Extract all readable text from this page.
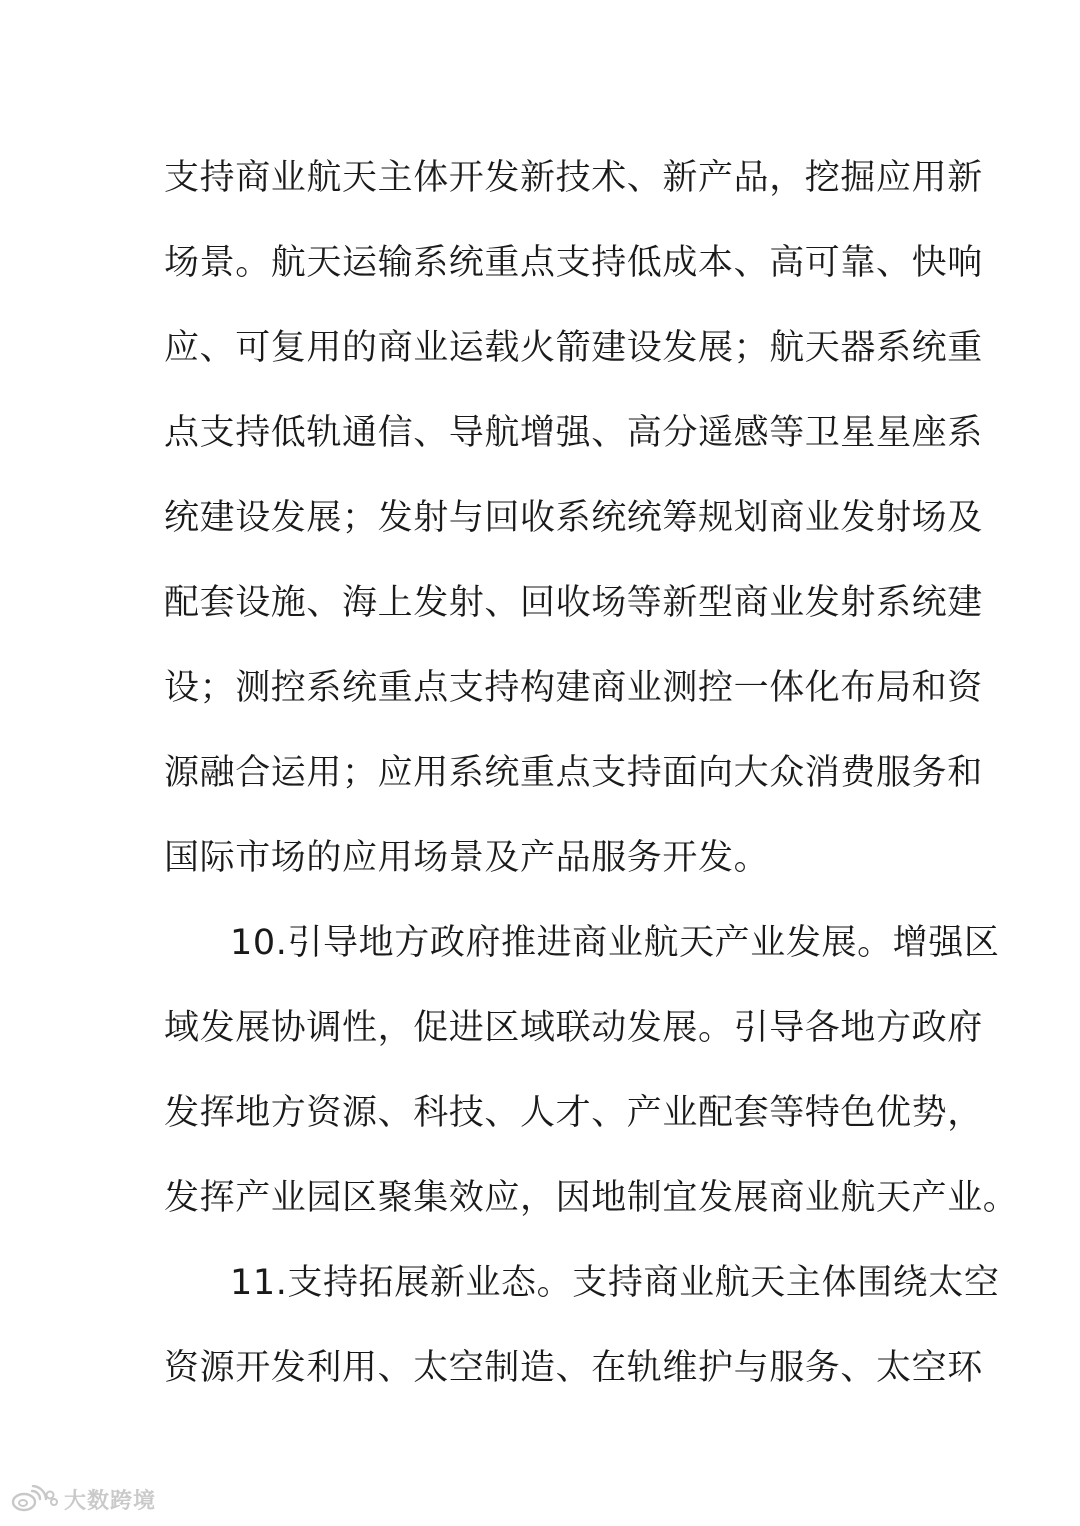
支持商业航天主体开发新技术、新产品，挖掘应用新
场景。航天运输系统重点支持低成本、高可靠、快响
应、可复用的商业运载火箭建设发展；航天器系统重
点支持低轨通信、导航增强、高分遥感等卫星星座系
统建设发展；发射与回收系统统筹规划商业发射场及
配套设施、海上发射、回收场等新型商业发射系统建
设；测控系统重点支持构建商业测控一体化布局和资
源融合运用；应用系统重点支持面向大众消费服务和
国际市场的应用场景及产品服务开发。
10.引导地方政府推进商业航天产业发展。增强区
域发展协调性，促进区域联动发展。引导各地方政府
发挥地方资源、科技、人才、产业配套等特色优势，
发挥产业园区聚集效应，因地制宜发展商业航天产业。
11.支持拓展新业态。支持商业航天主体围绕太空
资源开发利用、太空制造、在轨维护与服务、太空环
大数跨境
